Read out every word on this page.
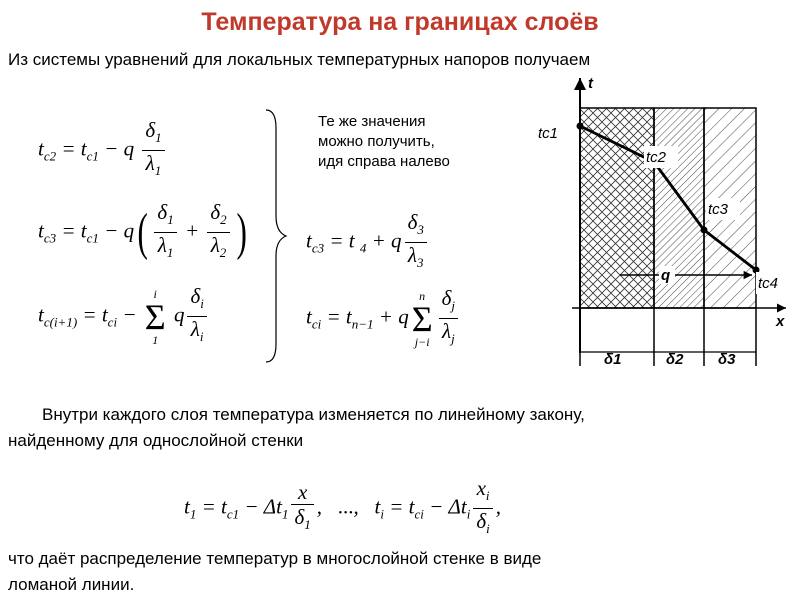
Температура на границах слоёв
Из системы уравнений для локальных температурных напоров получаем
$t_{c2} = t_{c1} - q \frac{\delta_1}{\lambda_1}$
$t_{c3} = t_{c1} - q( \frac{\delta_1}{\lambda_1} + \frac{\delta_2}{\lambda_2}$ )
$t_{c(i+1)} = t_{ci}$ −
i
Σ
1
q $\frac{\delta_i}{\lambda_i}$
$t_{c3} = t$ $_4$ + q $\frac{\delta_3}{\lambda_3}$
$t_{ci} = t_{n-1} + q$
n
Σ
$j-i \frac{\delta_j}{\lambda_j}$
Те же значения
можно получить,
идя справа налево
t
x
q
tc1
tc2
tc3
tc4
δ1	δ2 δ3
Внутри каждого слоя температура изменяется по линейному закону,
найденному для однослойной стенки
$t_1 = t_{c1} - \Delta t_1 \frac{x}{\delta_1}$ ,   ...,   $t_i = t_{ci} - \Delta t_i \frac{x_i}{\delta_i}$ ,
что даёт распределение температур в многослойной стенке в виде
ломаной линии.
